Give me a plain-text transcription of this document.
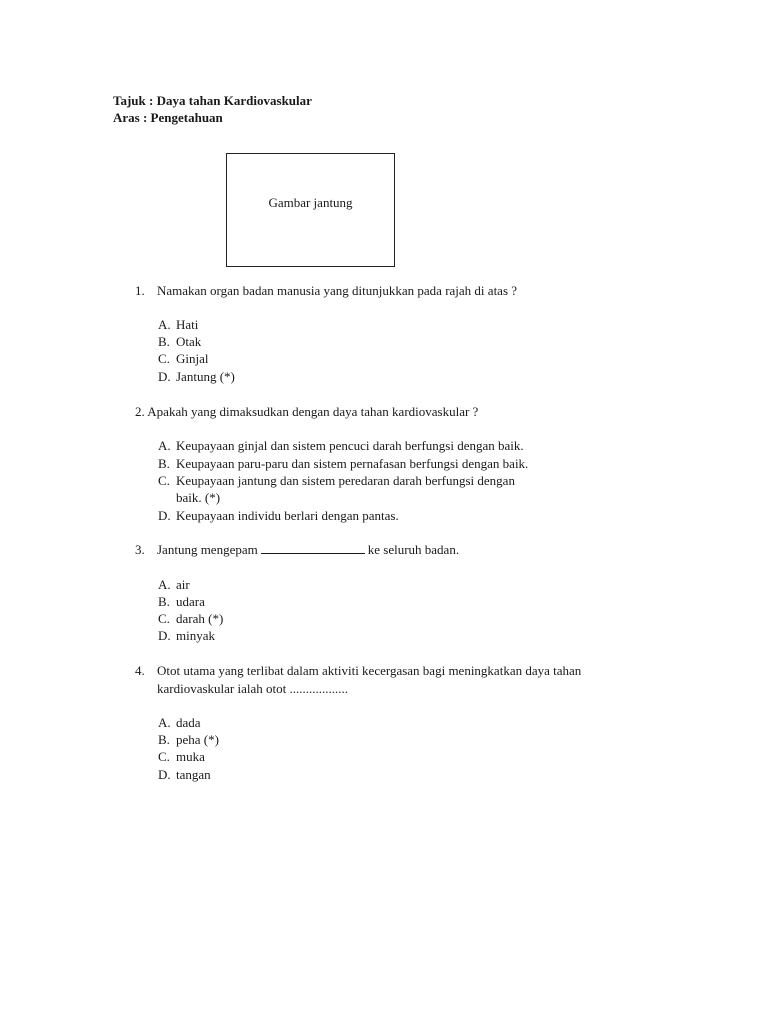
Tajuk : Daya tahan Kardiovaskular
Aras : Pengetahuan
Gambar jantung
1. Namakan organ badan manusia yang ditunjukkan pada rajah di atas ?
A. Hati
B. Otak
C. Ginjal
D. Jantung (*)
2. Apakah yang dimaksudkan dengan daya tahan kardiovaskular ?
A. Keupayaan ginjal dan sistem pencuci darah berfungsi dengan baik.
B. Keupayaan paru-paru dan sistem pernafasan berfungsi dengan baik.
C. Keupayaan jantung dan sistem peredaran darah berfungsi dengan
baik. (*)
D. Keupayaan individu berlari dengan pantas.
3. Jantung mengepam	ke seluruh badan.
A. air
B. udara
C. darah (*)
D. minyak
4. Otot utama yang terlibat dalam aktiviti kecergasan bagi meningkatkan daya tahan
kardiovaskular ialah otot ..................
A. dada
B. peha (*)
C. muka
D. tangan
